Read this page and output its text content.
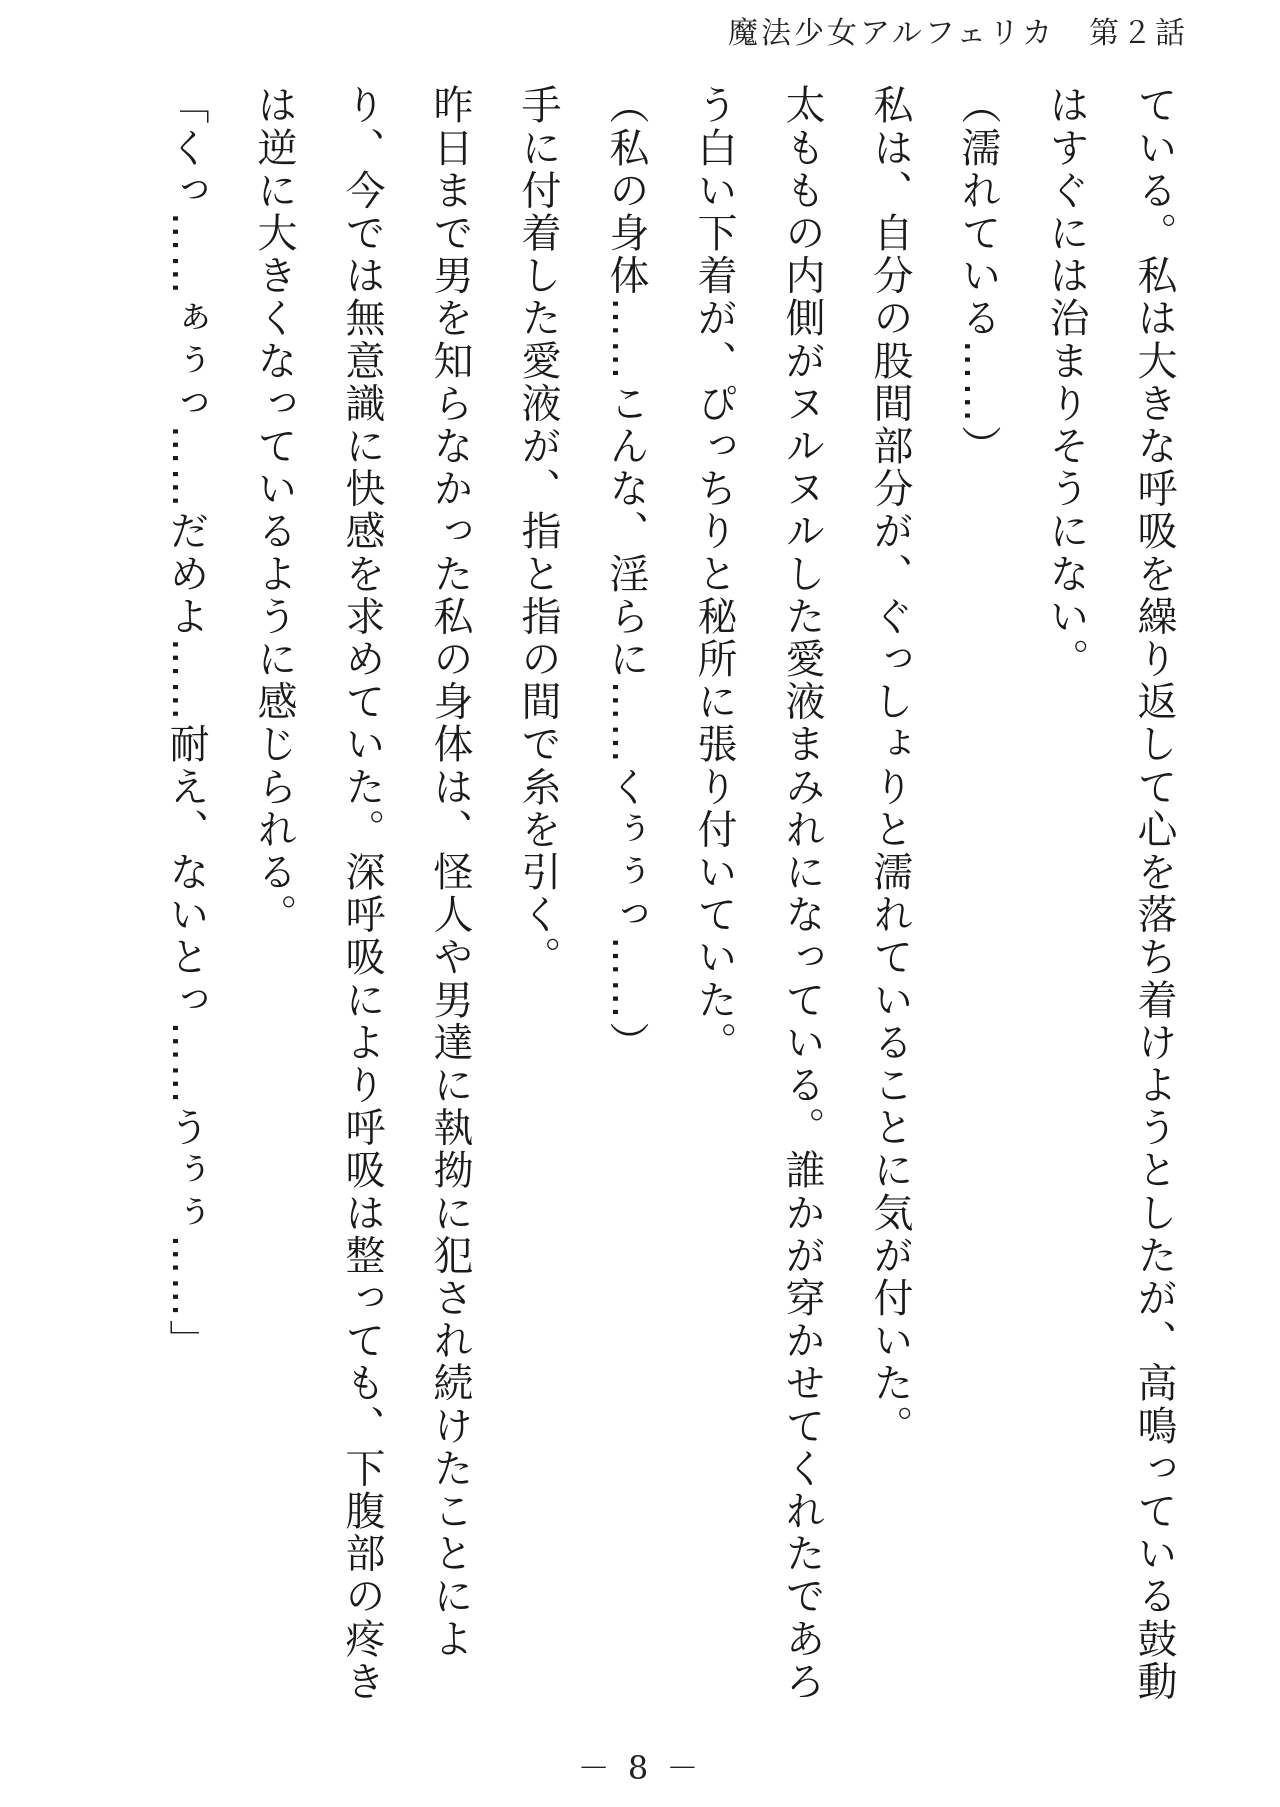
魔法少女アルフェリカ 第２話

ている。私は大きな呼吸を繰り返して心を落ち着けようとしたが、高鳴っている鼓動はすぐには治まりそうにない。

（濡れている……）

私は、自分の股間部分が、ぐっしょりと濡れていることに気が付いた。

太ももの内側がヌルヌルした愛液まみれになっている。誰かが穿かせてくれたであろう白い下着が、ぴっちりと秘所に張り付いていた。

（私の身体……こんな、淫らに……くぅぅっ……）

手に付着した愛液が、指と指の間で糸を引く。

昨日まで男を知らなかった私の身体は、怪人や男達に執拗に犯され続けたことにより、今では無意識に快感を求めていた。深呼吸により呼吸は整っても、下腹部の疼きは逆に大きくなっているように感じられる。

「くっ……ぁぅっ……だめよ……耐え、ないとっ……うぅぅ……」

－ 8 －
